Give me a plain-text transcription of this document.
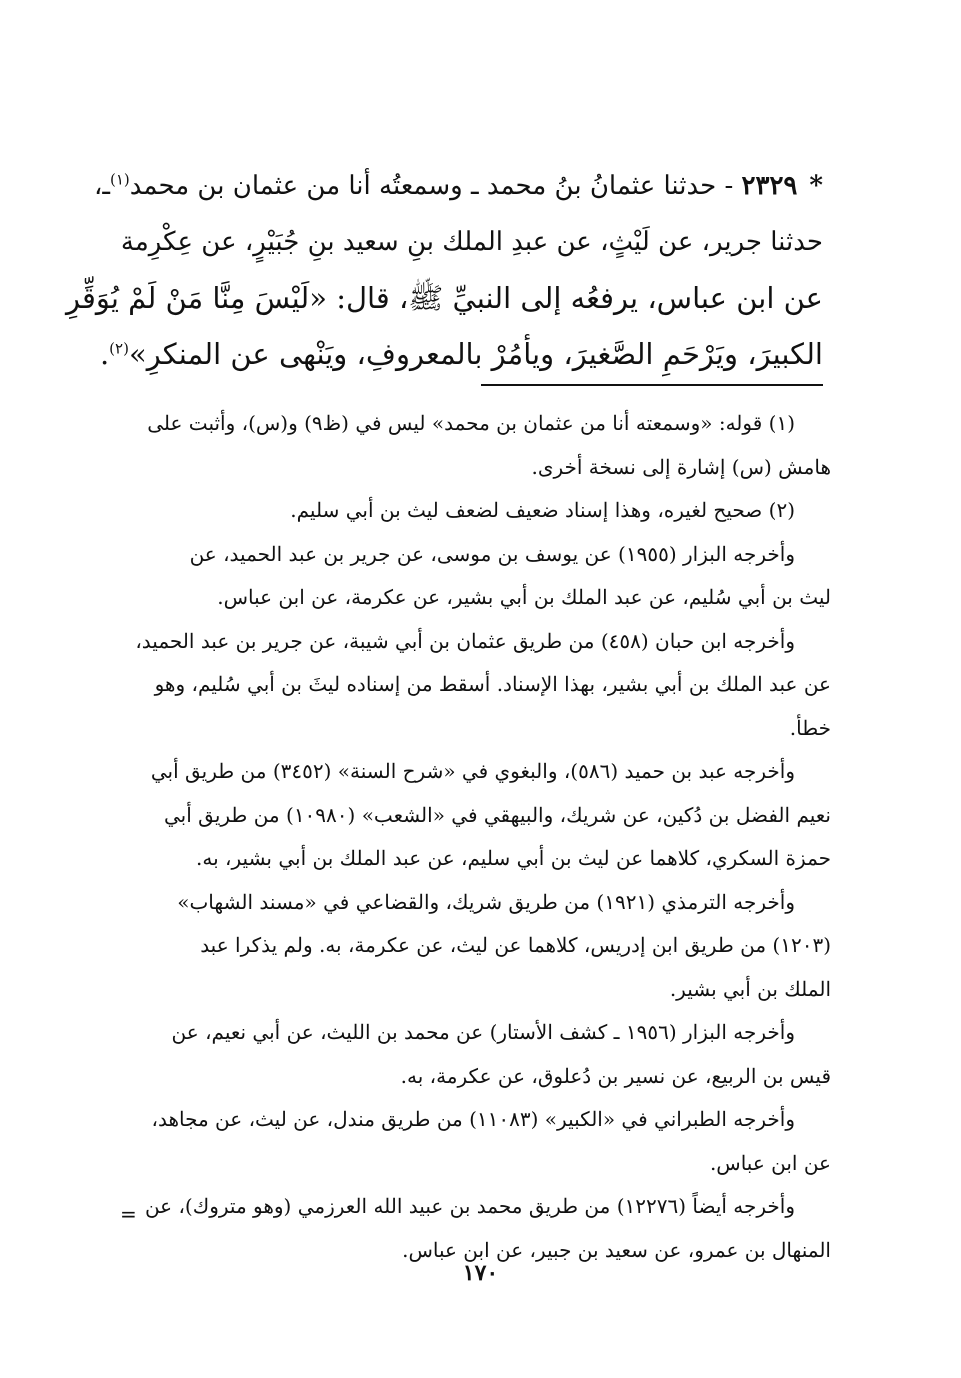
*٢٣٢٩ - حدثنا عثمانُ بنُ محمد ـ وسمعتُه أنا من عثمان بن محمد$^{(١)}$ـ،
حدثنا جرير، عن لَيْثٍ، عن عبدِ الملك بنِ سعيد بنِ جُبَيْرٍ، عن عِكْرِمة
عن ابن عباس، يرفعُه إلى النبيِّ ﷺ، قال: «لَيْسَ مِنَّا مَنْ لَمْ يُوَقِّرِ
الكبيرَ، ويَرْحَمِ الصَّغيرَ، ويأمُرْ بالمعروفِ، ويَنْهى عن المنكرِ»$^{(٢)}$.

(١) قوله: «وسمعته أنا من عثمان بن محمد» ليس في (ظ٩) و(س)، وأثبت على
هامش (س) إشارة إلى نسخة أخرى.

(٢) صحيح لغيره، وهذا إسناد ضعيف لضعف ليث بن أبي سليم.

وأخرجه البزار (١٩٥٥) عن يوسف بن موسى، عن جرير بن عبد الحميد، عن
ليث بن أبي سُليم، عن عبد الملك بن أبي بشير، عن عكرمة، عن ابن عباس.

وأخرجه ابن حبان (٤٥٨) من طريق عثمان بن أبي شيبة، عن جرير بن عبد الحميد،
عن عبد الملك بن أبي بشير، بهذا الإسناد. أسقط من إسناده ليثَ بن أبي سُليم، وهو
خطأ.

وأخرجه عبد بن حميد (٥٨٦)، والبغوي في «شرح السنة» (٣٤٥٢) من طريق أبي
نعيم الفضل بن دُكين، عن شريك، والبيهقي في «الشعب» (١٠٩٨٠) من طريق أبي
حمزة السكري، كلاهما عن ليث بن أبي سليم، عن عبد الملك بن أبي بشير، به.

وأخرجه الترمذي (١٩٢١) من طريق شريك، والقضاعي في «مسند الشهاب»
(١٢٠٣) من طريق ابن إدريس، كلاهما عن ليث، عن عكرمة، به. ولم يذكرا عبد
الملك بن أبي بشير.

وأخرجه البزار (١٩٥٦ ـ كشف الأستار) عن محمد بن الليث، عن أبي نعيم، عن
قيس بن الربيع، عن نسير بن دُعلوق، عن عكرمة، به.

وأخرجه الطبراني في «الكبير» (١١٠٨٣) من طريق مندل، عن ليث، عن مجاهد،
عن ابن عباس.

وأخرجه أيضاً (١٢٢٧٦) من طريق محمد بن عبيد الله العرزمي (وهو متروك)، عن
المنهال بن عمرو، عن سعيد بن جبير، عن ابن عباس.

=
١٧٠
